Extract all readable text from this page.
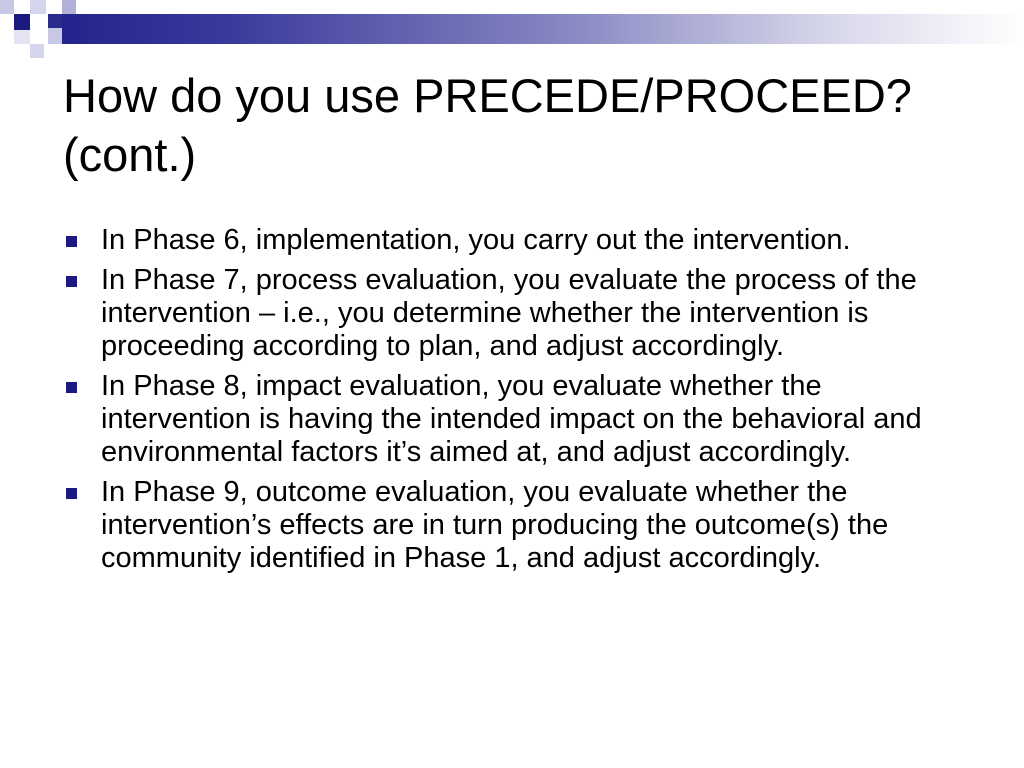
How do you use PRECEDE/PROCEED? (cont.)
In Phase 6, implementation, you carry out the intervention.
In Phase 7, process evaluation, you evaluate the process of the intervention – i.e., you determine whether the intervention is proceeding according to plan, and adjust accordingly.
In Phase 8, impact evaluation, you evaluate whether the intervention is having the intended impact on the behavioral and environmental factors it’s aimed at, and adjust accordingly.
In Phase 9, outcome evaluation, you evaluate whether the intervention’s effects are in turn producing the outcome(s) the community identified in Phase 1, and adjust accordingly.
